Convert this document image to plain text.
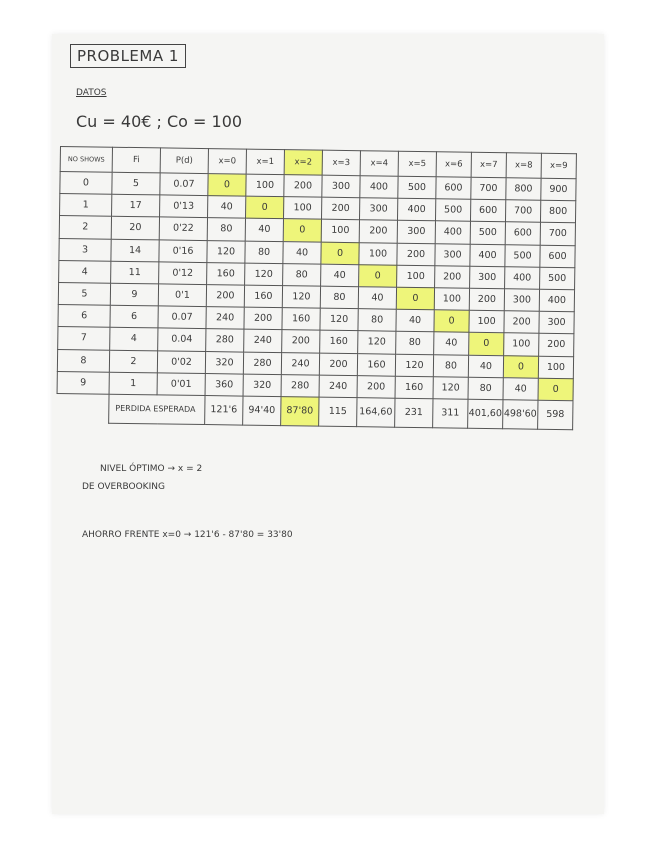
PROBLEMA 1
DATOS
Cu = 40€ ; Co = 100
NO SHOWS	Fi	P(d)	x=0	x=1	x=2	x=3	x=4	x=5	x=6	x=7	x=8	x=9
0	5	0.07	0	100	200	300	400	500	600	700	800	900
1	17	0'13	40	0	100	200	300	400	500	600	700	800
2	20	0'22	80	40	0	100	200	300	400	500	600	700
3	14	0'16	120	80	40	0	100	200	300	400	500	600
4	11	0'12	160	120	80	40	0	100	200	300	400	500
5	9	0'1	200	160	120	80	40	0	100	200	300	400
6	6	0.07	240	200	160	120	80	40	0	100	200	300
7	4	0.04	280	240	200	160	120	80	40	0	100	200
8	2	0'02	320	280	240	200	160	120	80	40	0	100
9	1	0'01	360	320	280	240	200	160	120	80	40	0
	PERDIDA ESPERADA		121'6	94'40	87'80	115	164,60	231	311	401,60	498'60	598
NIVEL ÓPTIMO → x = 2
DE OVERBOOKING
AHORRO FRENTE x=0 → 121'6 - 87'80 = 33'80
